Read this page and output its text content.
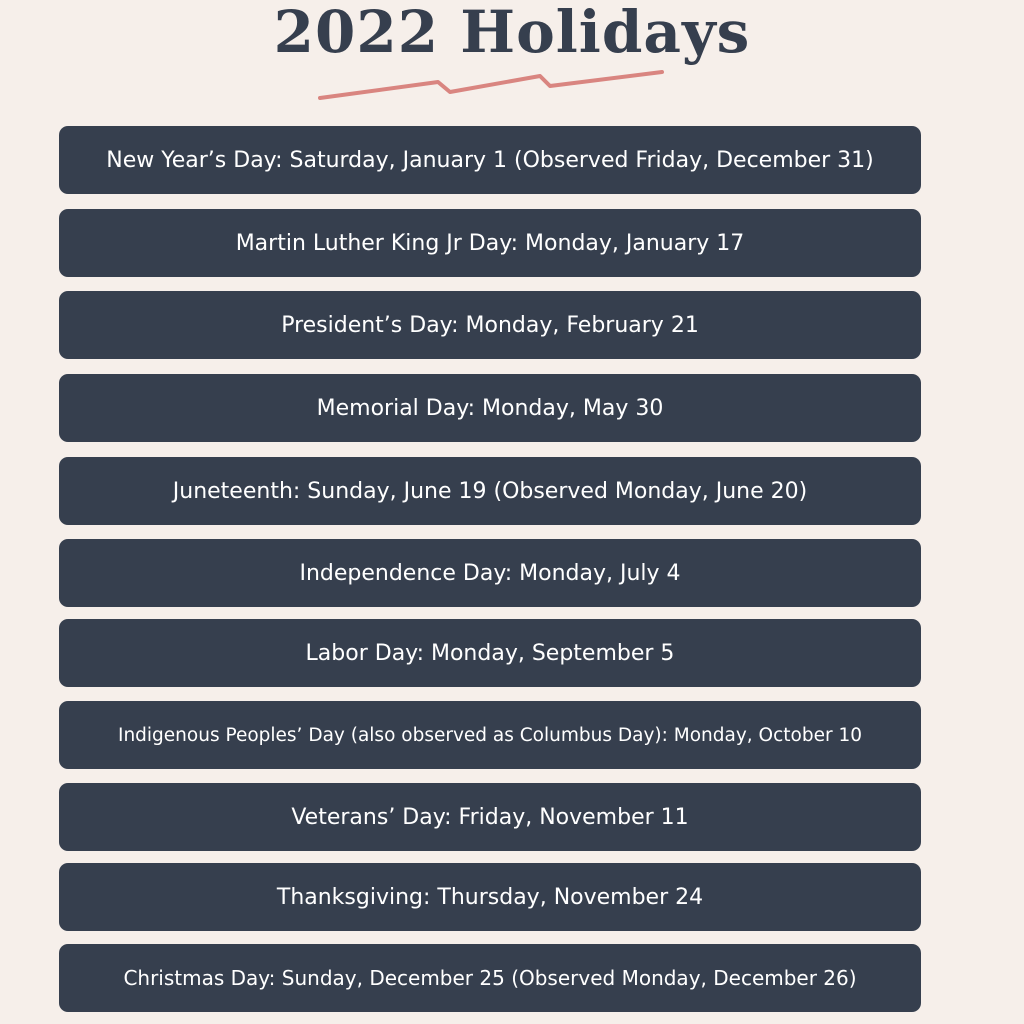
2022 Holidays
New Year’s Day: Saturday, January 1 (Observed Friday, December 31)
Martin Luther King Jr Day: Monday, January 17
President’s Day: Monday, February 21
Memorial Day: Monday, May 30
Juneteenth: Sunday, June 19 (Observed Monday, June 20)
Independence Day: Monday, July 4
Labor Day: Monday, September 5
Indigenous Peoples’ Day (also observed as Columbus Day): Monday, October 10
Veterans’ Day: Friday, November 11
Thanksgiving: Thursday, November 24
Christmas Day: Sunday, December 25 (Observed Monday, December 26)
